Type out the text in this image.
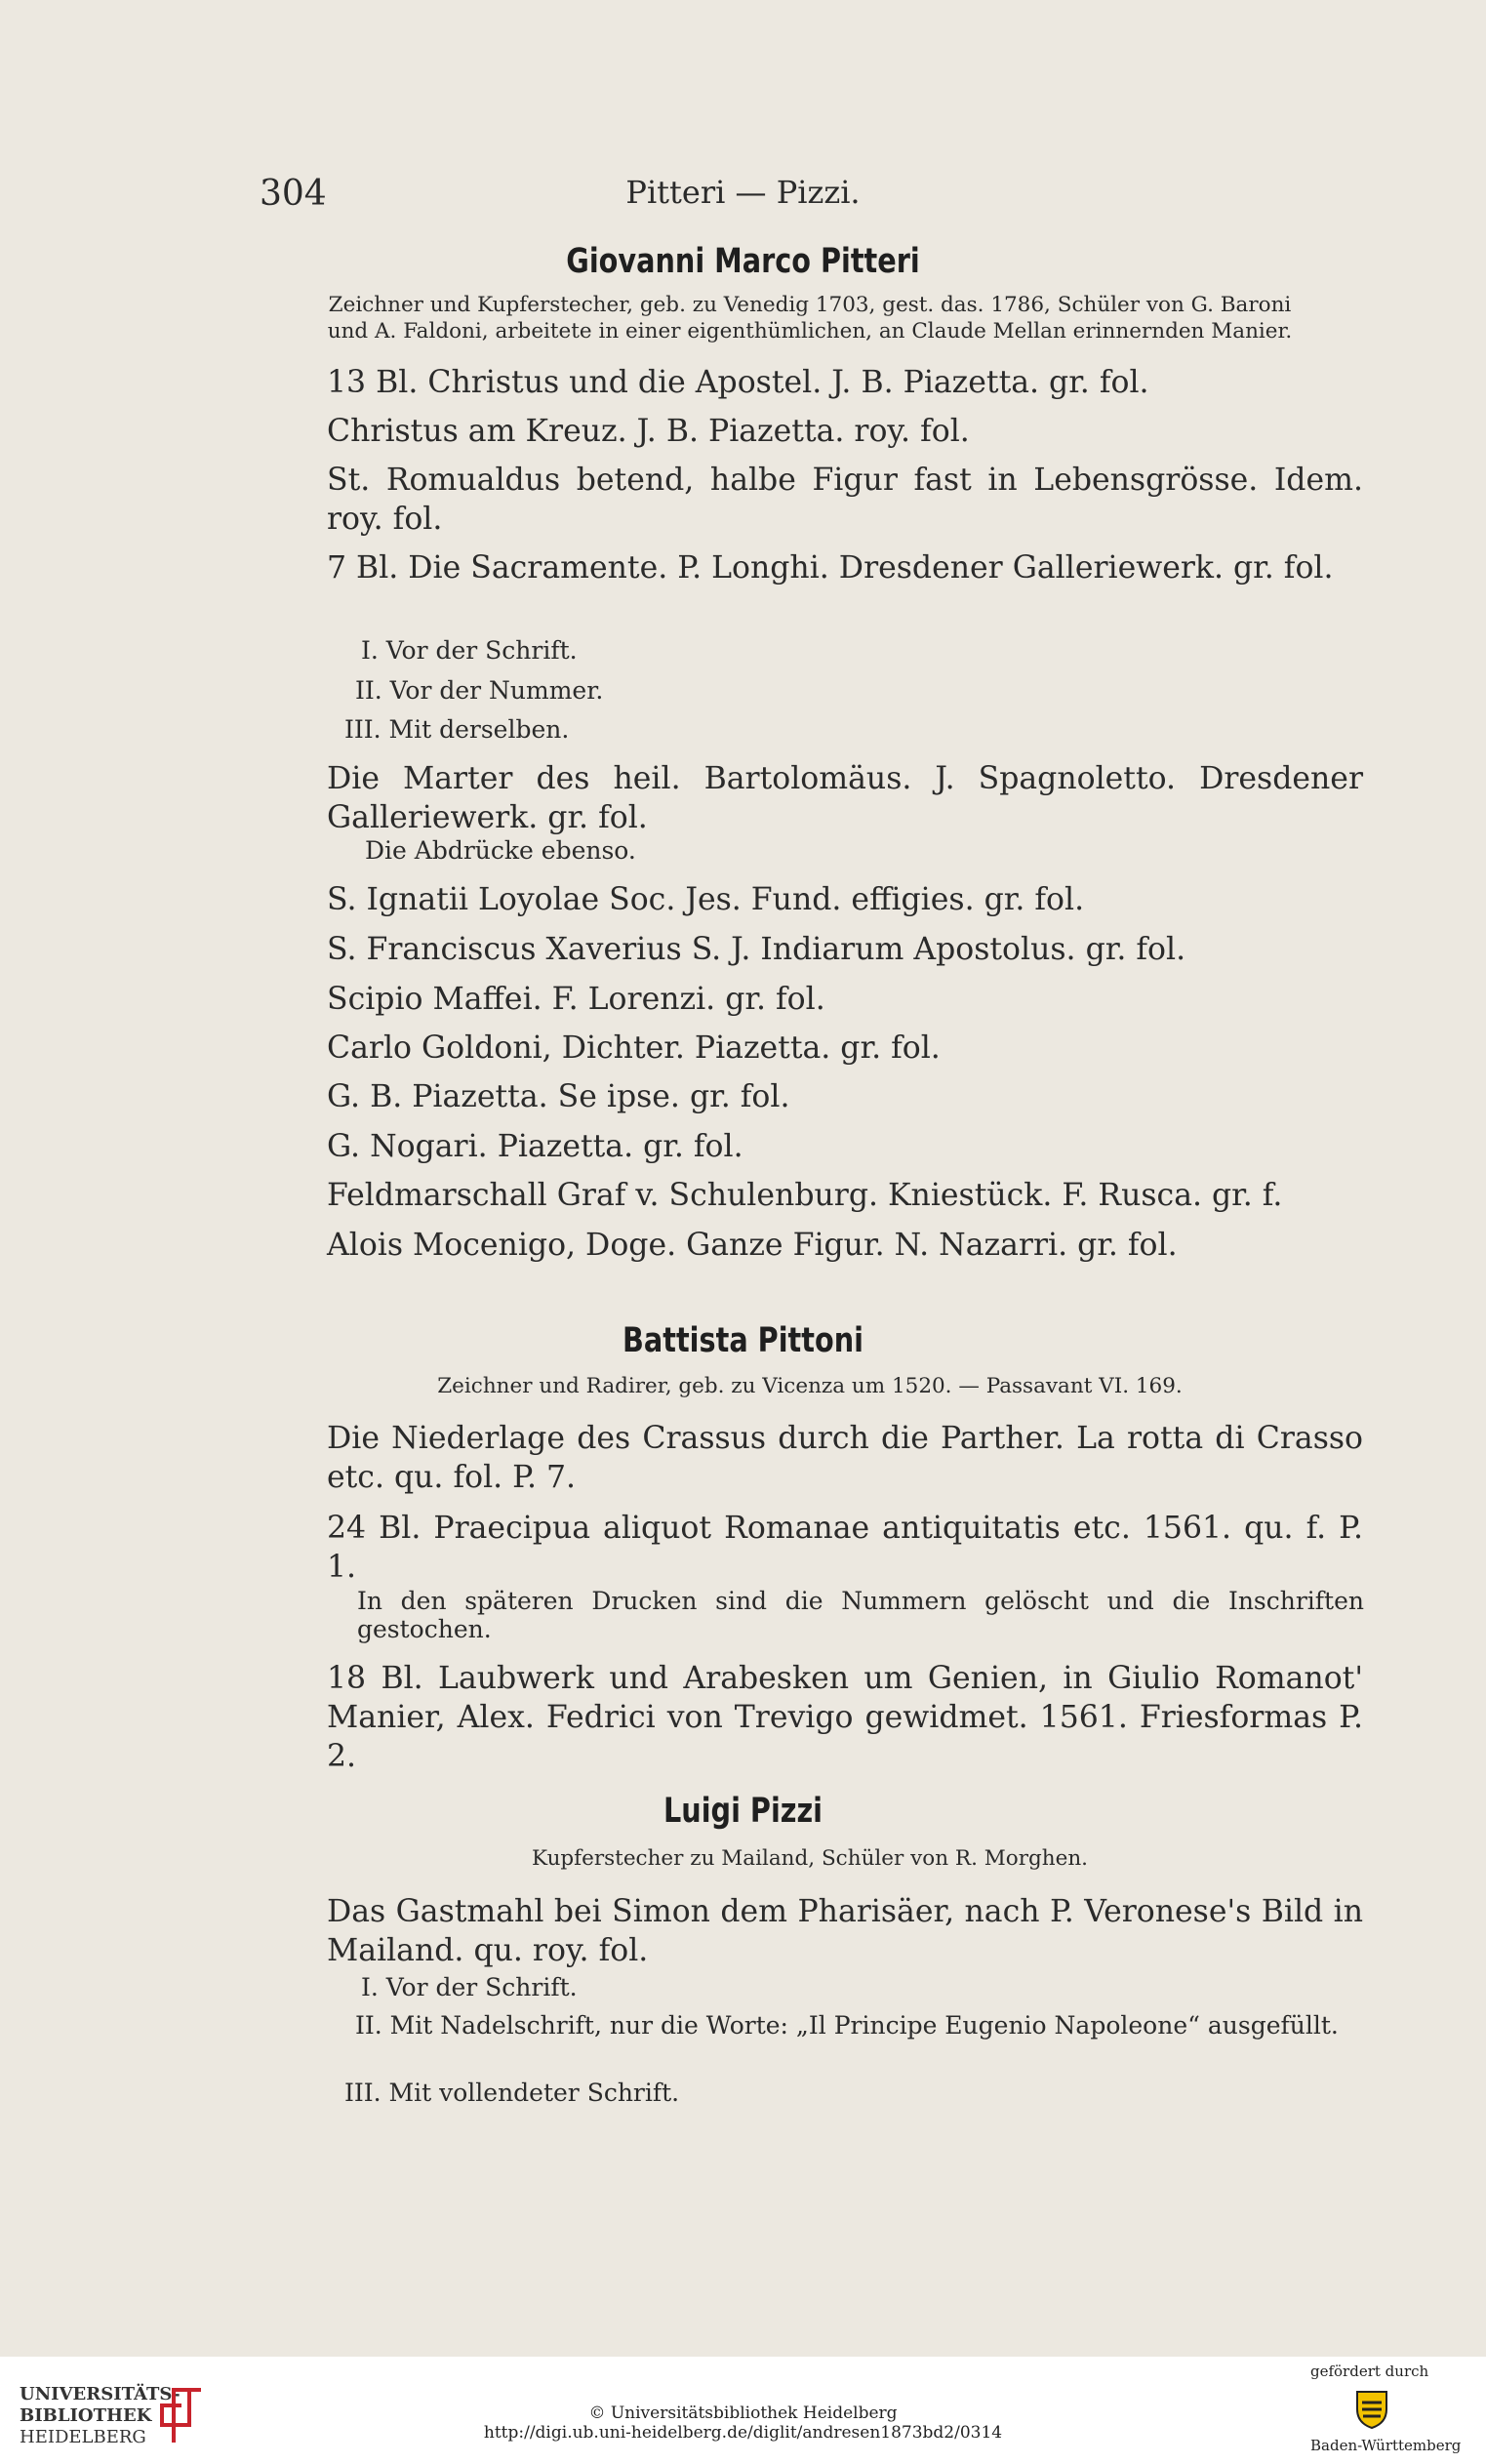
304	Pitteri — Pizzi.
Giovanni Marco Pitteri
Zeichner und Kupferstecher, geb. zu Venedig 1703, gest. das. 1786, Schüler von G. Baroni
und A. Faldoni, arbeitete in einer eigenthümlichen, an Claude Mellan erinnernden Manier.
13 Bl. Christus und die Apostel. J. B. Piazetta. gr. fol.
Christus am Kreuz. J. B. Piazetta. roy. fol.
St. Romualdus betend, halbe Figur fast in Lebensgrösse. Idem. roy. fol.
7 Bl. Die Sacramente. P. Longhi. Dresdener Galleriewerk. gr. fol.
I. Vor der Schrift.
II. Vor der Nummer.
III. Mit derselben.
Die Marter des heil. Bartolomäus. J. Spagnoletto. Dresdener Galleriewerk. gr. fol.
Die Abdrücke ebenso.
S. Ignatii Loyolae Soc. Jes. Fund. effigies. gr. fol.
S. Franciscus Xaverius S. J. Indiarum Apostolus. gr. fol.
Scipio Maffei. F. Lorenzi. gr. fol.
Carlo Goldoni, Dichter. Piazetta. gr. fol.
G. B. Piazetta. Se ipse. gr. fol.
G. Nogari. Piazetta. gr. fol.
Feldmarschall Graf v. Schulenburg. Kniestück. F. Rusca. gr. f.
Alois Mocenigo, Doge. Ganze Figur. N. Nazarri. gr. fol.
Battista Pittoni
Zeichner und Radirer, geb. zu Vicenza um 1520. — Passavant VI. 169.
Die Niederlage des Crassus durch die Parther. La rotta di Crasso etc. qu. fol. P. 7.
24 Bl. Praecipua aliquot Romanae antiquitatis etc. 1561. qu. f. P. 1.
In den späteren Drucken sind die Nummern gelöscht und die Inschriften gestochen.
18 Bl. Laubwerk und Arabesken um Genien, in Giulio Romanot' Manier, Alex. Fedrici von Trevigo gewidmet. 1561. Friesformas P. 2.
Luigi Pizzi
Kupferstecher zu Mailand, Schüler von R. Morghen.
Das Gastmahl bei Simon dem Pharisäer, nach P. Veronese's Bild in Mailand. qu. roy. fol.
I. Vor der Schrift.
II. Mit Nadelschrift, nur die Worte: „Il Principe Eugenio Napoleone“ ausgefüllt.
III. Mit vollendeter Schrift.
UNIVERSITÄTS-
BIBLIOTHEK
HEIDELBERG
© Universitätsbibliothek Heidelberg
http://digi.ub.uni-heidelberg.de/diglit/andresen1873bd2/0314
gefördert durch
Baden-Württemberg
